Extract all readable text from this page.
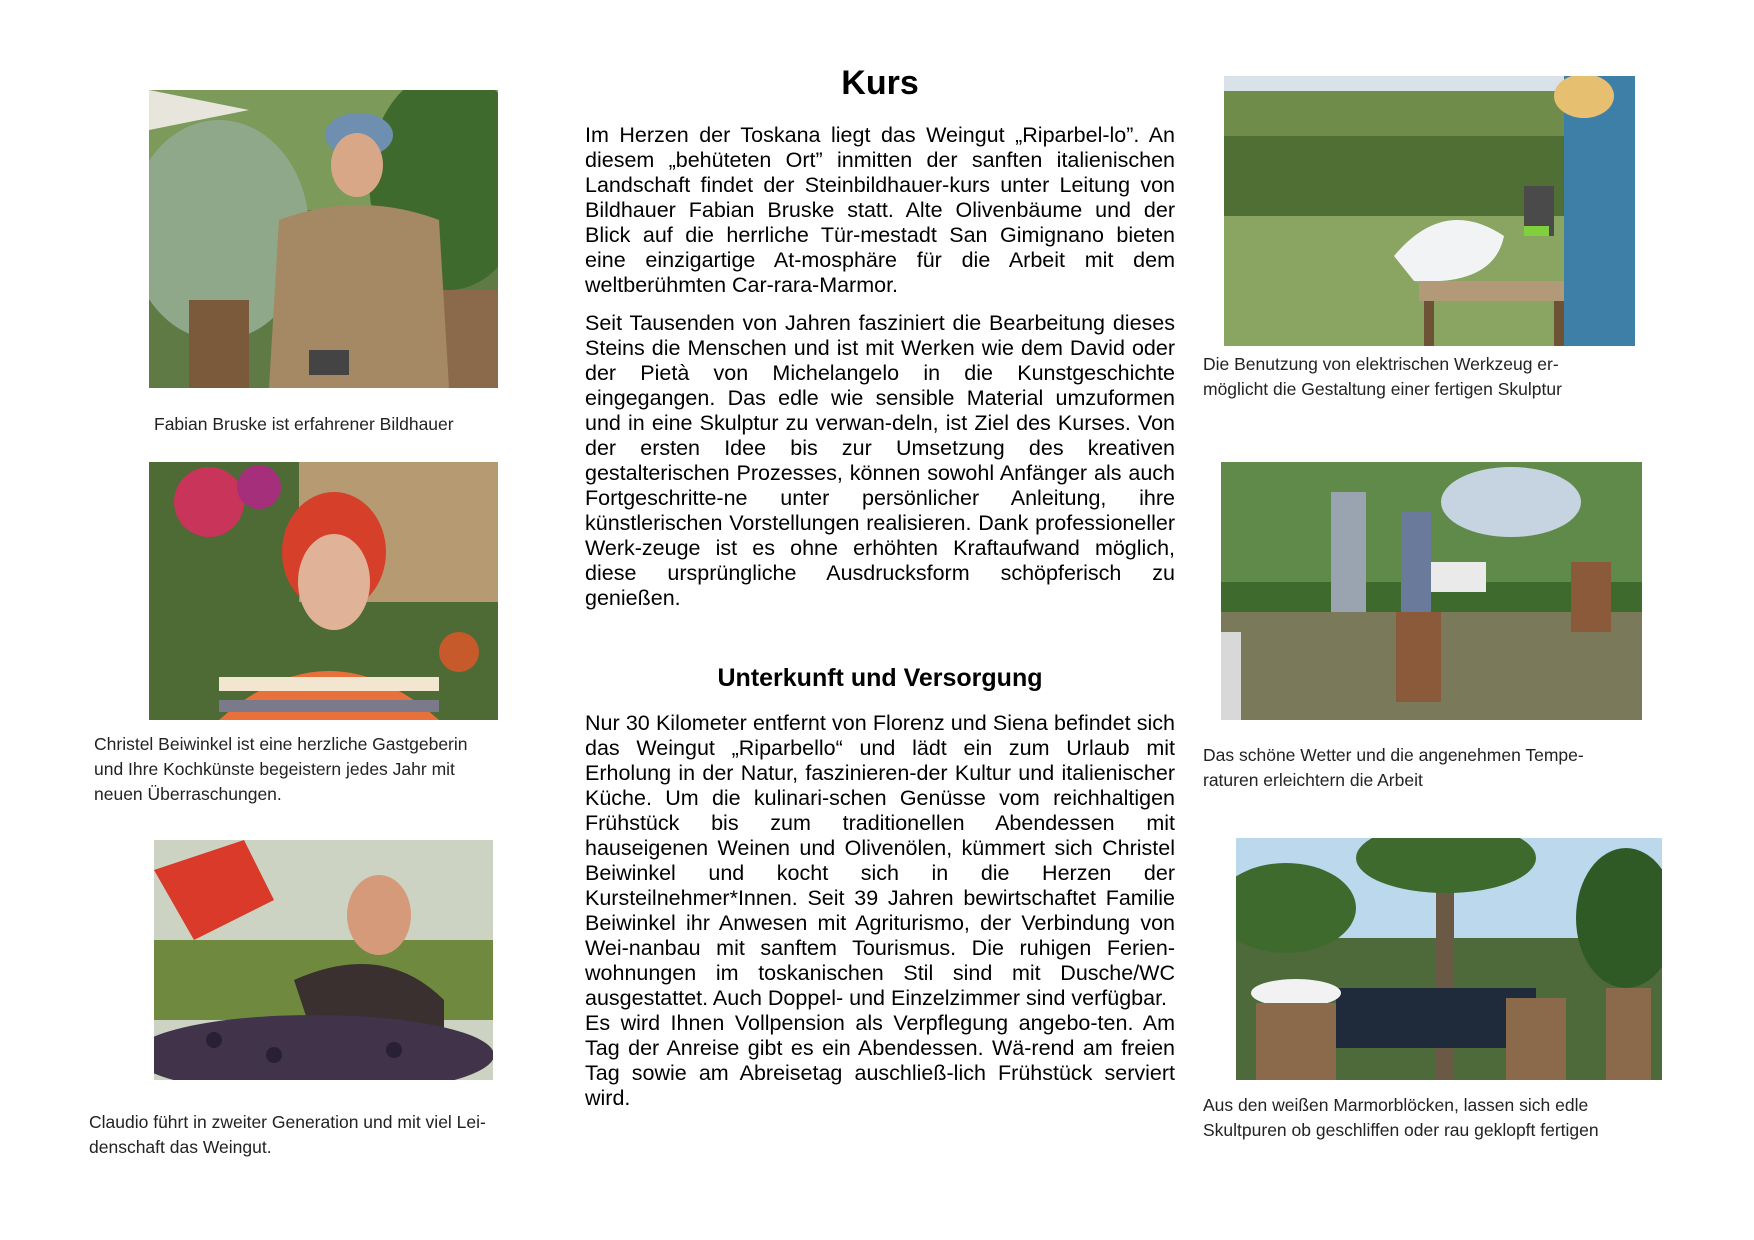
Fabian Bruske ist erfahrener Bildhauer
Christel Beiwinkel ist eine herzliche Gastgeberin
und Ihre Kochkünste begeistern jedes Jahr mit
neuen Überraschungen.
Claudio führt in zweiter Generation und mit viel Lei-
denschaft das Weingut.
Kurs

Im Herzen der Toskana liegt das Weingut „Riparbel-lo”. An diesem „behüteten Ort” inmitten der sanften italienischen Landschaft findet der Steinbildhauer-kurs unter Leitung von Bildhauer Fabian Bruske statt. Alte Olivenbäume und der Blick auf die herrliche Tür-mestadt San Gimignano bieten eine einzigartige At-mosphäre für die Arbeit mit dem weltberühmten Car-rara-Marmor.

Seit Tausenden von Jahren fasziniert die Bearbeitung dieses Steins die Menschen und ist mit Werken wie dem David oder der Pietà von Michelangelo in die Kunstgeschichte eingegangen. Das edle wie sensible Material umzuformen und in eine Skulptur zu verwan-deln, ist Ziel des Kurses. Von der ersten Idee bis zur Umsetzung des kreativen gestalterischen Prozesses, können sowohl Anfänger als auch Fortgeschritte-ne unter persönlicher Anleitung, ihre künstlerischen Vorstellungen realisieren. Dank professioneller Werk-zeuge ist es ohne erhöhten Kraftaufwand möglich, diese ursprüngliche Ausdrucksform schöpferisch zu genießen.

Unterkunft und Versorgung

Nur 30 Kilometer entfernt von Florenz und Siena befindet sich das Weingut „Riparbello“ und lädt ein zum Urlaub mit Erholung in der Natur, faszinieren-der Kultur und italienischer Küche. Um die kulinari-schen Genüsse vom reichhaltigen Frühstück bis zum traditionellen Abendessen mit hauseigenen Weinen und Olivenölen, kümmert sich Christel Beiwinkel und kocht sich in die Herzen der Kursteilnehmer*Innen. Seit 39 Jahren bewirtschaftet Familie Beiwinkel ihr Anwesen mit Agriturismo, der Verbindung von Wei-nanbau mit sanftem Tourismus. Die ruhigen Ferien-wohnungen im toskanischen Stil sind mit Dusche/WC ausgestattet. Auch Doppel- und Einzelzimmer sind verfügbar.

Es wird Ihnen Vollpension als Verpflegung angebo-ten. Am Tag der Anreise gibt es ein Abendessen. Wä-rend am freien Tag sowie am Abreisetag auschließ-lich Frühstück serviert wird.

Die Benutzung von elektrischen Werkzeug er-
möglicht die Gestaltung einer fertigen Skulptur
Das schöne Wetter und die angenehmen Tempe-
raturen erleichtern die Arbeit
Aus den weißen Marmorblöcken, lassen sich edle
Skultpuren ob geschliffen oder rau geklopft fertigen
